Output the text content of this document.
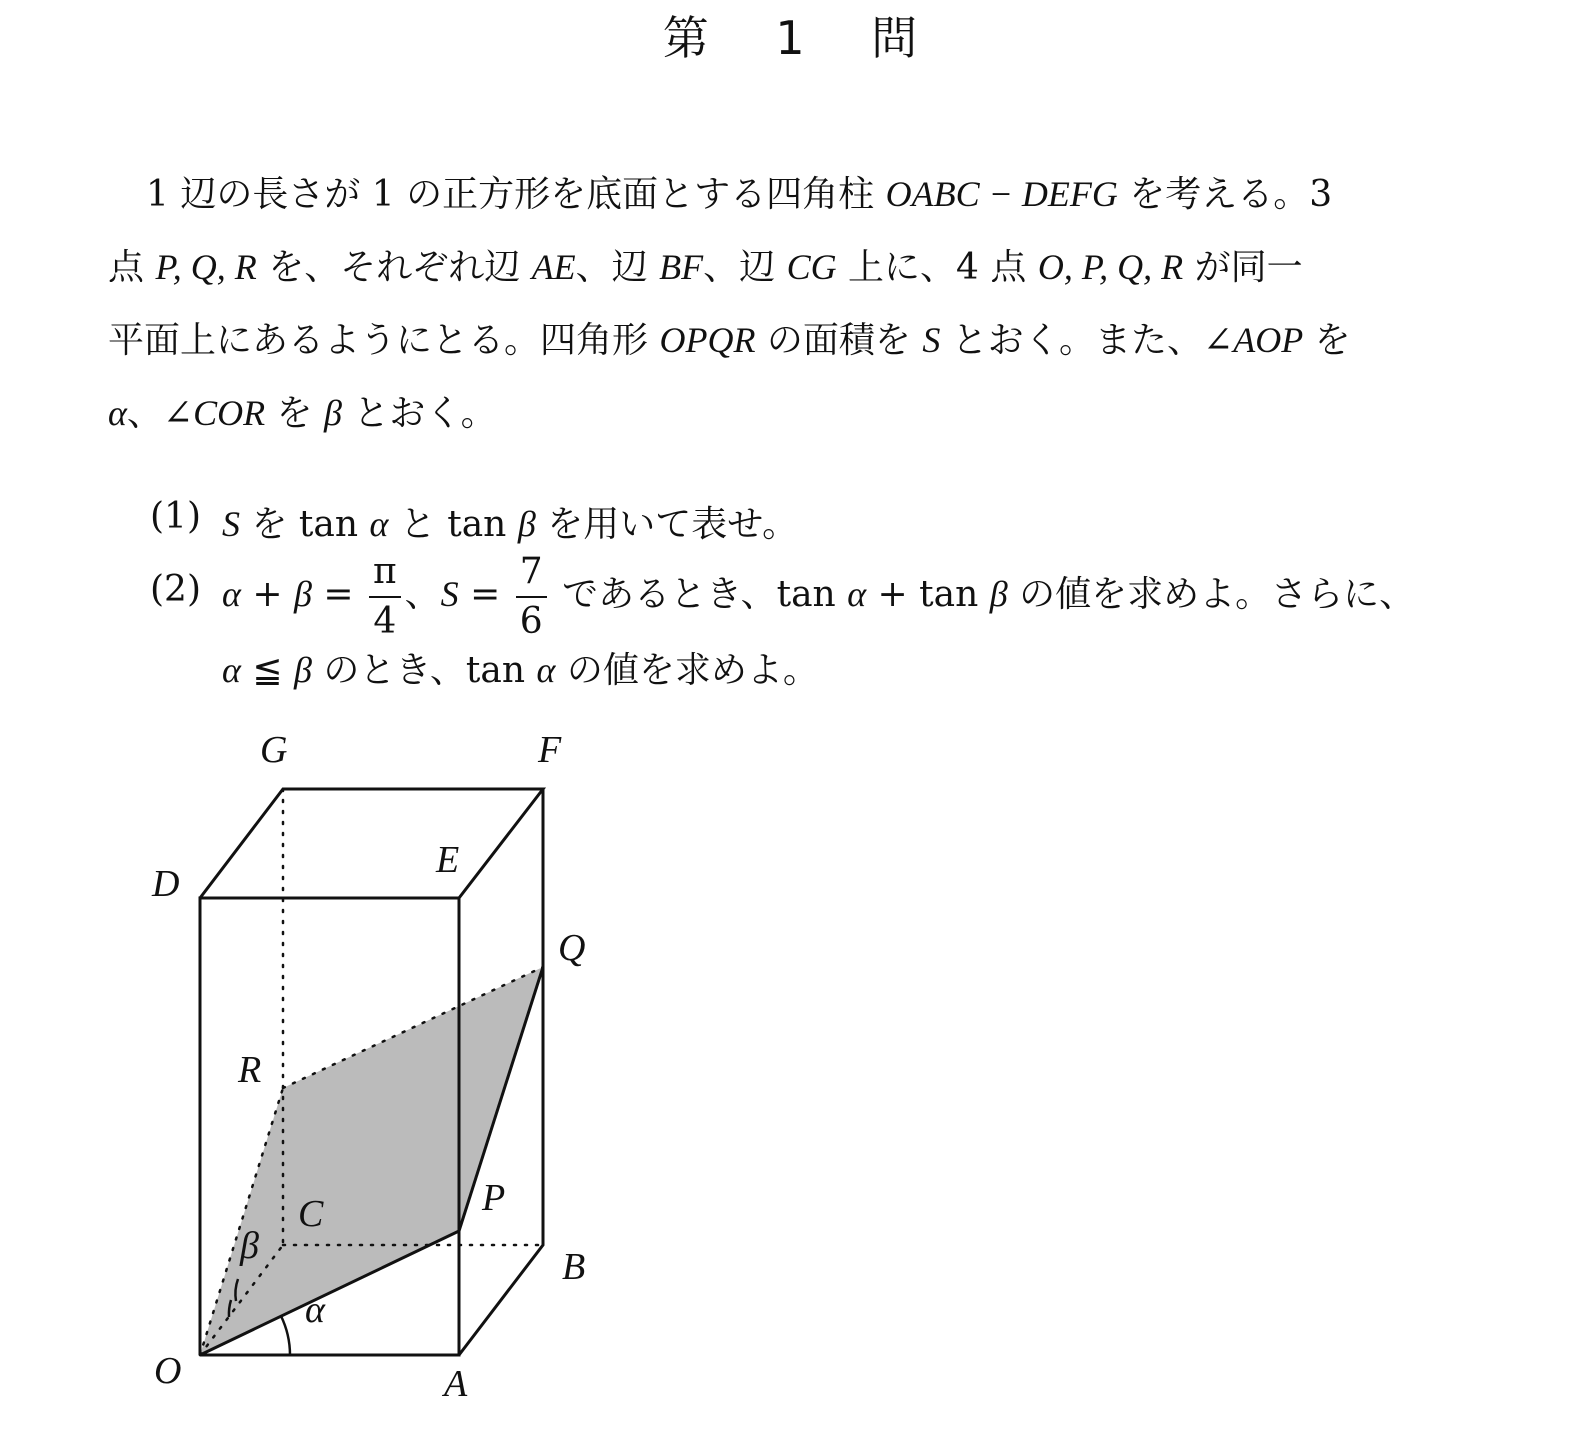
第 1 問
1 辺の長さが 1 の正方形を底面とする四角柱 OABC − DEFG を考える。3
点 P, Q, R を、それぞれ辺 AE、辺 BF、辺 CG 上に、4 点 O, P, Q, R が同一
平面上にあるようにとる。四角形 OPQR の面積を S とおく。また、∠AOP を
α、∠COR を β とおく。
(1) S を tan α と tan β を用いて表せ。
(2) $\alpha + \beta = \frac{\pi}{4}$ 、$S = \frac{7}{6}$ であるとき、tan α + tan β の値を求めよ。さらに、
α ≦ β のとき、tan α の値を求めよ。
G	F
D
E
Q
R
P
C
β	B
α
O	A
